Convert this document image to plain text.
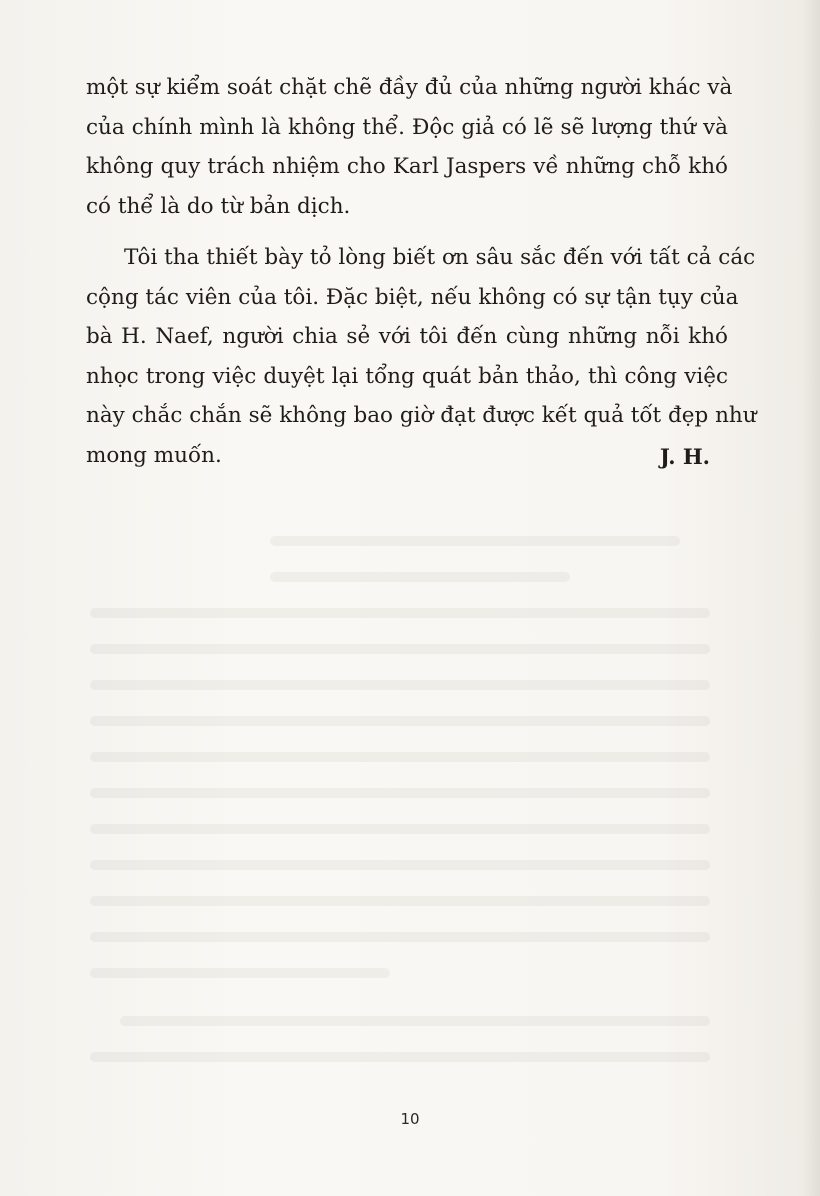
một sự kiểm soát chặt chẽ đầy đủ của những người khác và
của chính mình là không thể. Độc giả có lẽ sẽ lượng thứ và
không quy trách nhiệm cho Karl Jaspers về những chỗ khó
có thể là do từ bản dịch.
Tôi tha thiết bày tỏ lòng biết ơn sâu sắc đến với tất cả các
cộng tác viên của tôi. Đặc biệt, nếu không có sự tận tụy của
bà H. Naef, người chia sẻ với tôi đến cùng những nỗi khó
nhọc trong việc duyệt lại tổng quát bản thảo, thì công việc
này chắc chắn sẽ không bao giờ đạt được kết quả tốt đẹp như
mong muốn.	J. H.
10
